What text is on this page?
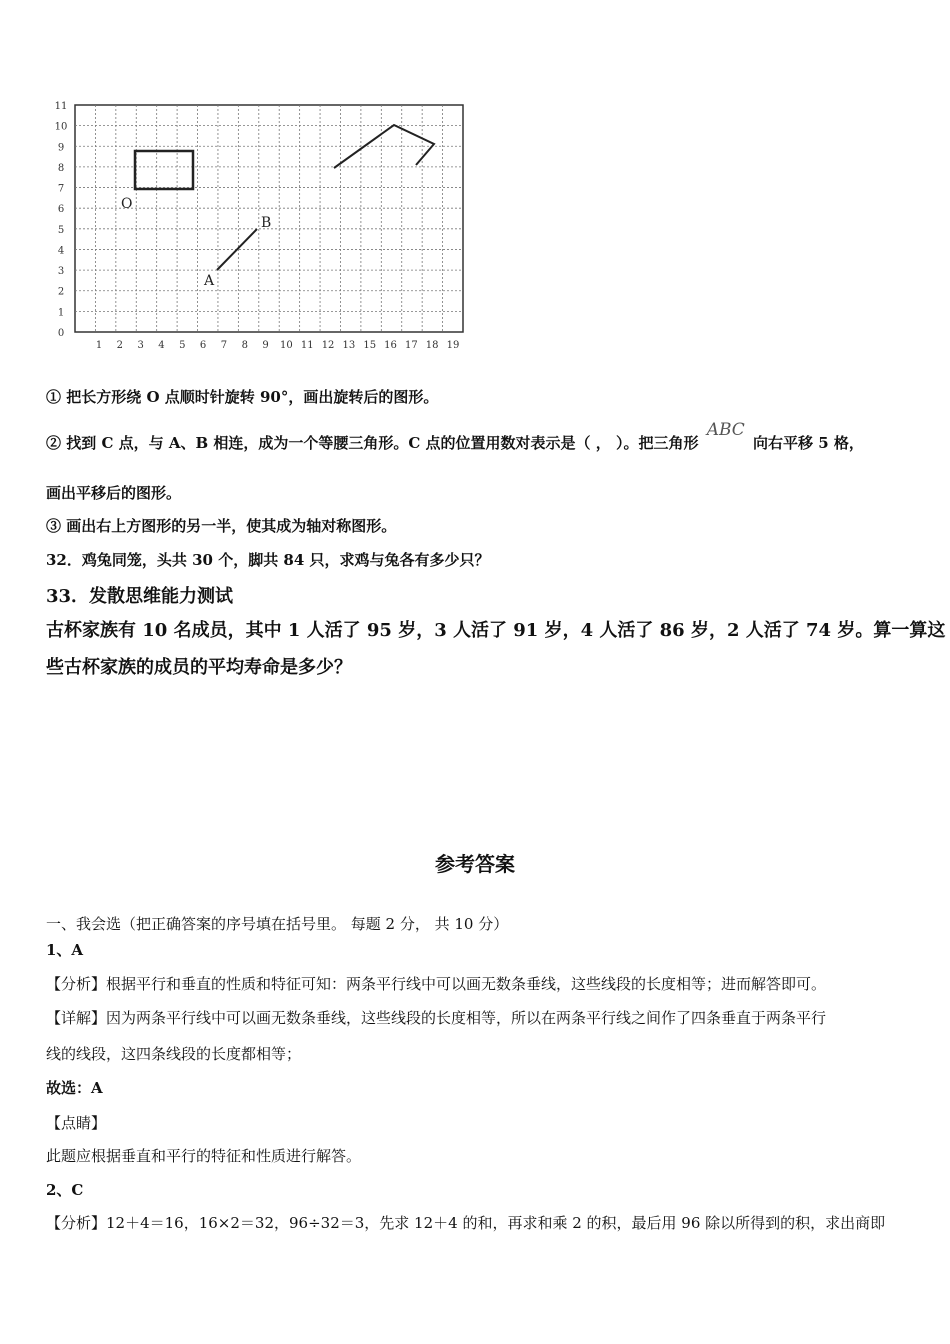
0
1
2
3
4
5
6
7
8
9
10
11
1 2 3 4 5 6 7 8 9 10 11 12 13 15 16 17 18 19
O
A
B
① 把长方形绕 O 点顺时针旋转 90°，画出旋转后的图形。
② 找到 C 点，与 A、B 相连，成为一个等腰三角形。C 点的位置用数对表示是（ ， ）。把三角形 ABC 向右平移 5 格，
画出平移后的图形。
③ 画出右上方图形的另一半，使其成为轴对称图形。
32．鸡兔同笼，头共 30 个，脚共 84 只，求鸡与兔各有多少只？
33．发散思维能力测试
古杯家族有 10 名成员，其中 1 人活了 95 岁，3 人活了 91 岁，4 人活了 86 岁，2 人活了 74 岁。算一算这
些古杯家族的成员的平均寿命是多少？
参考答案
一、我会选（把正确答案的序号填在括号里。 每题 2 分， 共 10 分）
1、A
【分析】根据平行和垂直的性质和特征可知：两条平行线中可以画无数条垂线，这些线段的长度相等；进而解答即可。
【详解】因为两条平行线中可以画无数条垂线，这些线段的长度相等，所以在两条平行线之间作了四条垂直于两条平行
线的线段，这四条线段的长度都相等；
故选：A
【点睛】
此题应根据垂直和平行的特征和性质进行解答。
2、C
【分析】12＋4＝16，16×2＝32，96÷32＝3，先求 12＋4 的和，再求和乘 2 的积，最后用 96 除以所得到的积，求出商即
